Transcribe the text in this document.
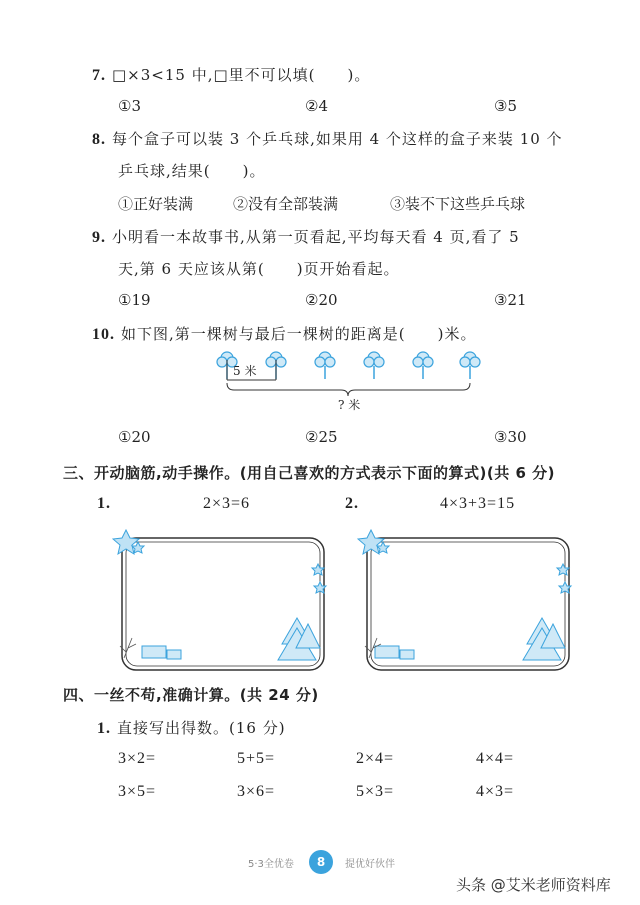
7. □×3<15 中,□里不可以填(　　)。
①3	②4	③5
8. 每个盒子可以装 3 个乒乓球,如果用 4 个这样的盒子来装 10 个
乒乓球,结果(　　)。
①正好装满	②没有全部装满	③装不下这些乒乓球
9. 小明看一本故事书,从第一页看起,平均每天看 4 页,看了 5
天,第 6 天应该从第(　　)页开始看起。
①19	②20	③21
10. 如下图,第一棵树与最后一棵树的距离是(　　)米。
5 米
? 米
①20	②25	③30
三、开动脑筋,动手操作。(用自己喜欢的方式表示下面的算式)(共 6 分)
1.	2×3=6	2.	4×3+3=15
四、一丝不苟,准确计算。(共 24 分)
1. 直接写出得数。(16 分)
3×2=	5+5=	2×4=	4×4=
3×5=	3×6=	5×3=	4×3=
5·3全优卷	8	提优好伙伴
头条 @艾米老师资料库
